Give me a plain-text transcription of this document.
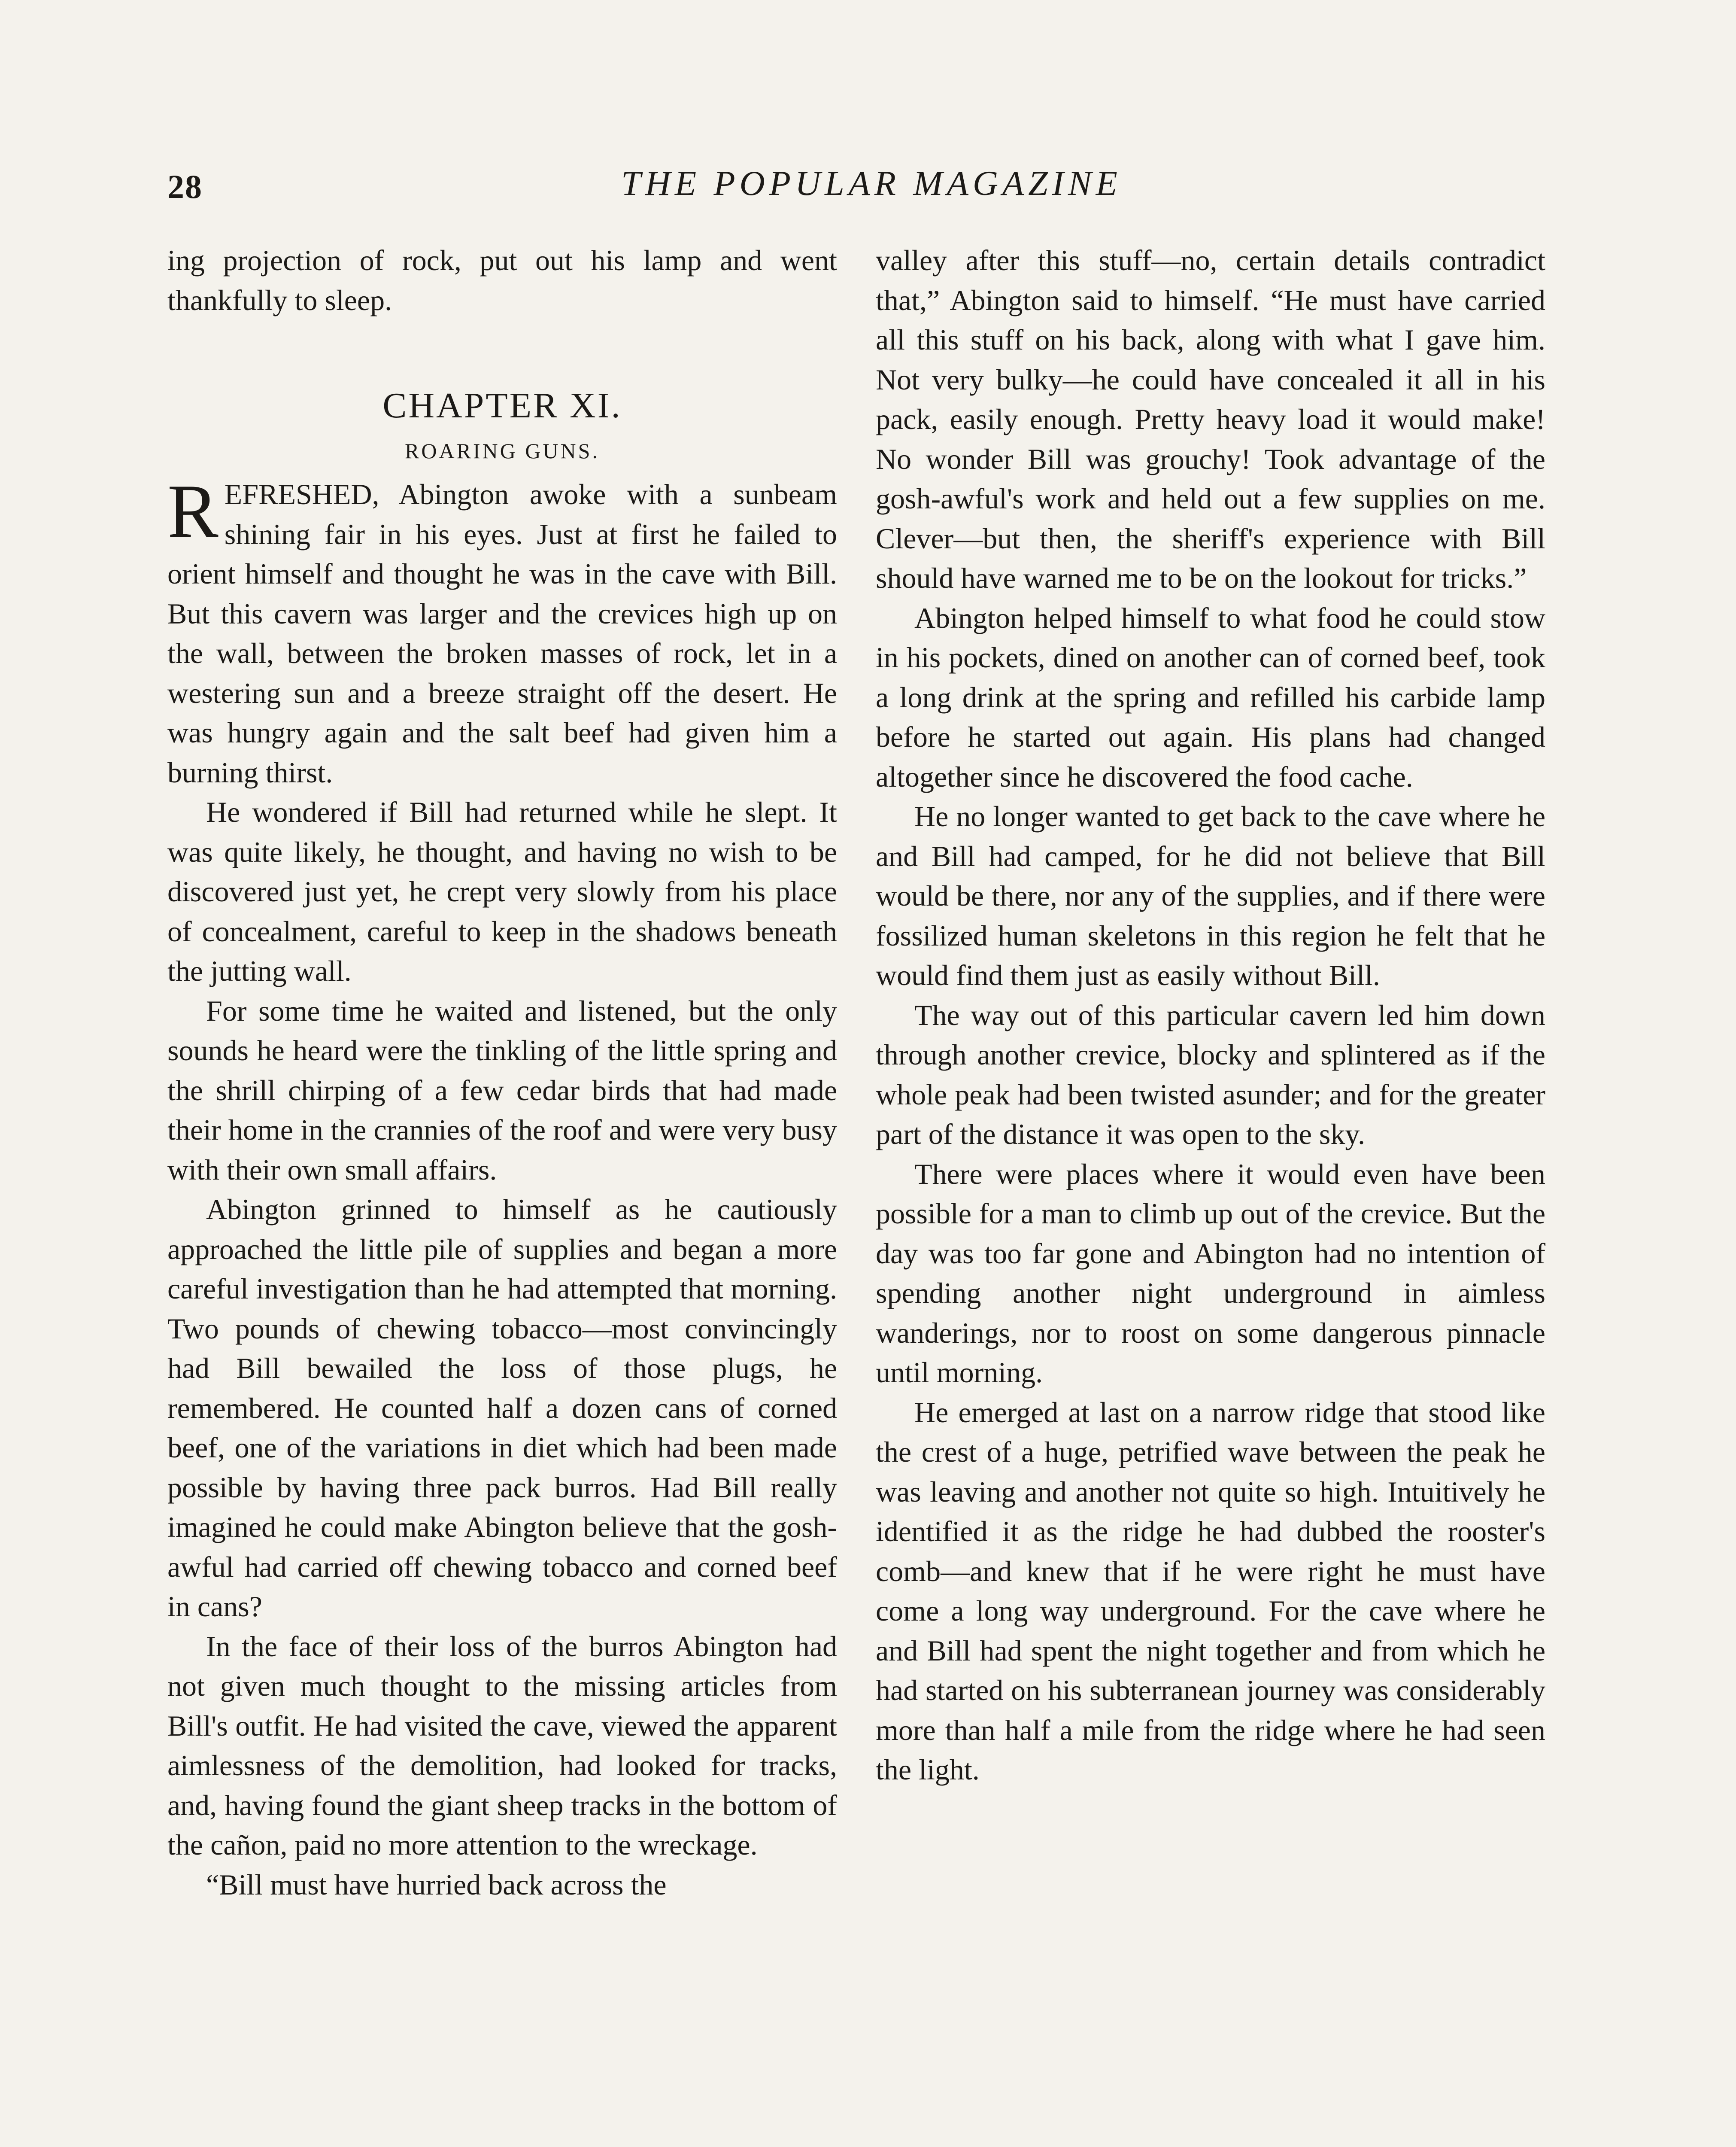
28	THE POPULAR MAGAZINE

ing projection of rock, put out his lamp and went thankfully to sleep.

CHAPTER XI.
ROARING GUNS.

REFRESHED, Abington awoke with a sunbeam shining fair in his eyes. Just at first he failed to orient himself and thought he was in the cave with Bill. But this cavern was larger and the crevices high up on the wall, between the broken masses of rock, let in a westering sun and a breeze straight off the desert. He was hungry again and the salt beef had given him a burning thirst.

He wondered if Bill had returned while he slept. It was quite likely, he thought, and having no wish to be discovered just yet, he crept very slowly from his place of concealment, careful to keep in the shadows beneath the jutting wall.

For some time he waited and listened, but the only sounds he heard were the tinkling of the little spring and the shrill chirping of a few cedar birds that had made their home in the crannies of the roof and were very busy with their own small affairs.

Abington grinned to himself as he cautiously approached the little pile of supplies and began a more careful investigation than he had attempted that morning. Two pounds of chewing tobacco—most convincingly had Bill bewailed the loss of those plugs, he remembered. He counted half a dozen cans of corned beef, one of the variations in diet which had been made possible by having three pack burros. Had Bill really imagined he could make Abington believe that the gosh-awful had carried off chewing tobacco and corned beef in cans?

In the face of their loss of the burros Abington had not given much thought to the missing articles from Bill's outfit. He had visited the cave, viewed the apparent aimlessness of the demolition, had looked for tracks, and, having found the giant sheep tracks in the bottom of the cañon, paid no more attention to the wreckage.

“Bill must have hurried back across the

valley after this stuff—no, certain details contradict that,” Abington said to himself. “He must have carried all this stuff on his back, along with what I gave him. Not very bulky—he could have concealed it all in his pack, easily enough. Pretty heavy load it would make! No wonder Bill was grouchy! Took advantage of the gosh-awful's work and held out a few supplies on me. Clever—but then, the sheriff's experience with Bill should have warned me to be on the lookout for tricks.”

Abington helped himself to what food he could stow in his pockets, dined on another can of corned beef, took a long drink at the spring and refilled his carbide lamp before he started out again. His plans had changed altogether since he discovered the food cache.

He no longer wanted to get back to the cave where he and Bill had camped, for he did not believe that Bill would be there, nor any of the supplies, and if there were fossilized human skeletons in this region he felt that he would find them just as easily without Bill.

The way out of this particular cavern led him down through another crevice, blocky and splintered as if the whole peak had been twisted asunder; and for the greater part of the distance it was open to the sky.

There were places where it would even have been possible for a man to climb up out of the crevice. But the day was too far gone and Abington had no intention of spending another night underground in aimless wanderings, nor to roost on some dangerous pinnacle until morning.

He emerged at last on a narrow ridge that stood like the crest of a huge, petrified wave between the peak he was leaving and another not quite so high. Intuitively he identified it as the ridge he had dubbed the rooster's comb—and knew that if he were right he must have come a long way underground. For the cave where he and Bill had spent the night together and from which he had started on his subterranean journey was considerably more than half a mile from the ridge where he had seen the light.
